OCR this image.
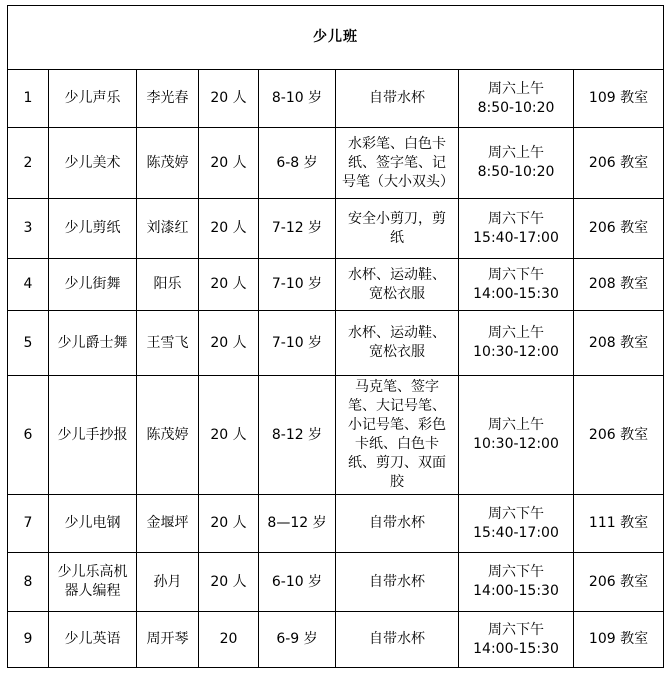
少儿班							
1	少儿声乐	李光春	20 人	8-10 岁	自带水杯	周六上午
8:50-10:20	109 教室
2	少儿美术	陈茂婷	20 人	6-8 岁	水彩笔、白色卡纸、签字笔、记号笔（大小双头）	周六上午
8:50-10:20	206 教室
3	少儿剪纸	刘漆红	20 人	7-12 岁	安全小剪刀，剪纸	周六下午
15:40-17:00	206 教室
4	少儿街舞	阳乐	20 人	7-10 岁	水杯、运动鞋、宽松衣服	周六下午
14:00-15:30	208 教室
5	少儿爵士舞	王雪飞	20 人	7-10 岁	水杯、运动鞋、宽松衣服	周六上午
10:30-12:00	208 教室
6	少儿手抄报	陈茂婷	20 人	8-12 岁	马克笔、签字笔、大记号笔、小记号笔、彩色卡纸、白色卡纸、剪刀、双面胶	周六上午
10:30-12:00	206 教室
7	少儿电钢	金堰坪	20 人	8—12 岁	自带水杯	周六下午
15:40-17:00	111 教室
8	少儿乐高机器人编程	孙月	20 人	6-10 岁	自带水杯	周六下午
14:00-15:30	206 教室
9	少儿英语	周开琴	20	6-9 岁	自带水杯	周六下午
14:00-15:30	109 教室
